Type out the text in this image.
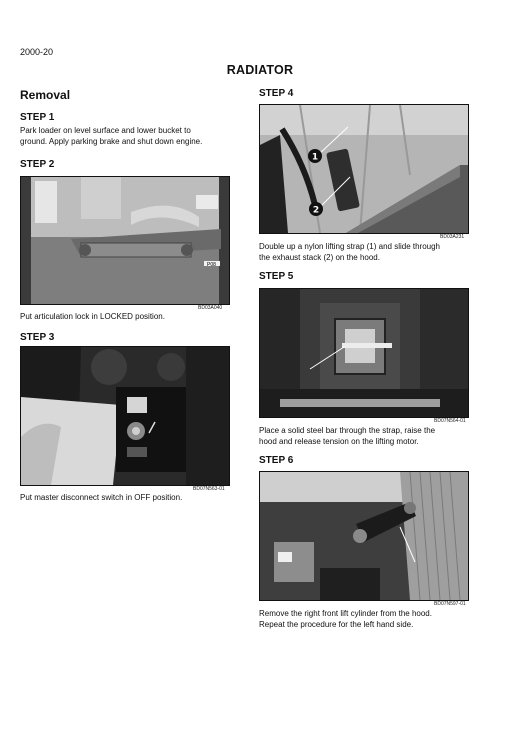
2000-20
RADIATOR
Removal
STEP 1
Park loader on level surface and lower bucket to
ground. Apply parking brake and shut down engine.
STEP 2
P08
BD03A040
Put articulation lock in LOCKED position.
STEP 3
BD07N563-01
Put master disconnect switch in OFF position.
STEP 4
1
2
BD03A231
Double up a nylon lifting strap (1) and slide through
the exhaust stack (2) on the hood.
STEP 5
BD07N564-01
Place a solid steel bar through the strap, raise the
hood and release tension on the lifting motor.
STEP 6
BD07N597-01
Remove the right front lift cylinder from the hood.
Repeat the procedure for the left hand side.
